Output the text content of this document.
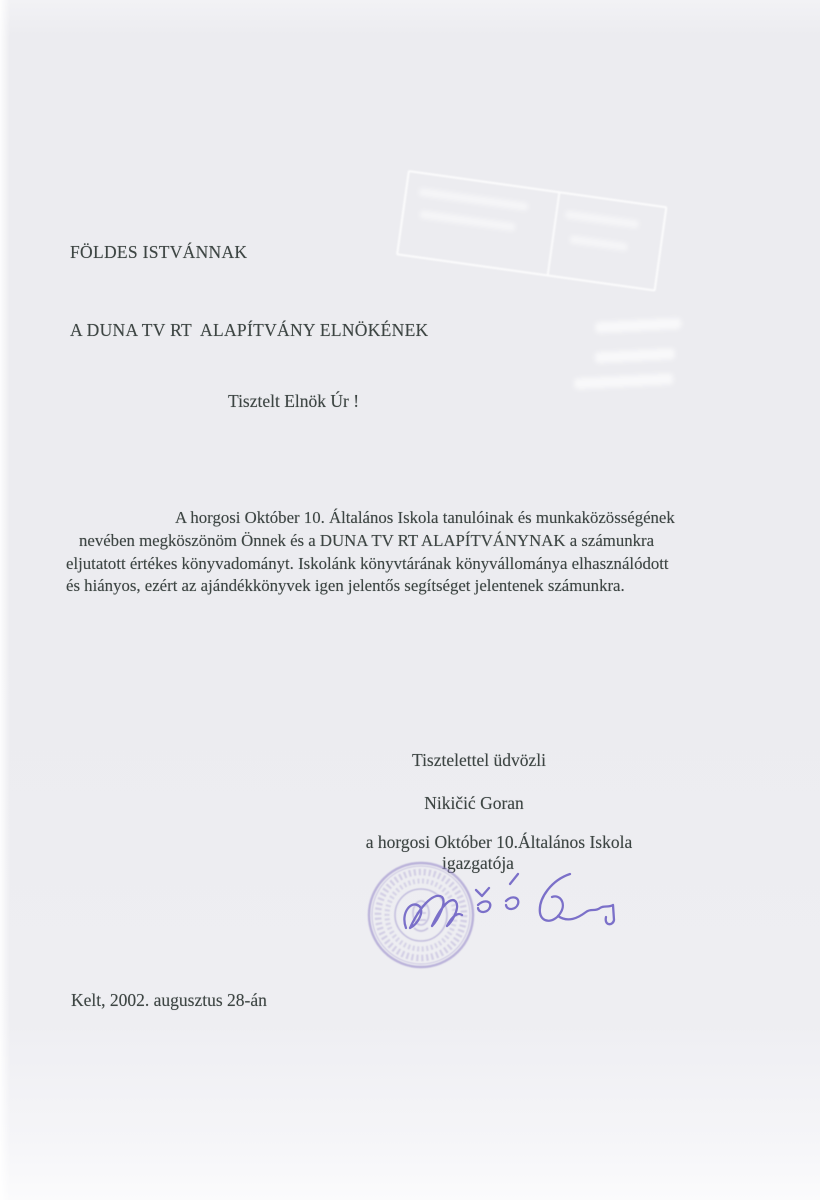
FÖLDES ISTVÁNNAK

A DUNA TV RT  ALAPÍTVÁNY ELNÖKÉNEK

Tisztelt Elnök Úr !
A horgosi Október 10. Általános Iskola tanulóinak és munkaközösségének
nevében megköszönöm Önnek és a DUNA TV RT ALAPÍTVÁNYNAK a számunkra
eljutatott értékes könyvadományt. Iskolánk könyvtárának könyvállománya elhasználódott
és hiányos, ezért az ajándékkönyvek igen jelentős segítséget jelentenek számunkra.
Tisztelettel üdvözli
Nikičić Goran
a horgosi Október 10.Általános Iskola
igazgatója
Kelt, 2002. augusztus 28-án
